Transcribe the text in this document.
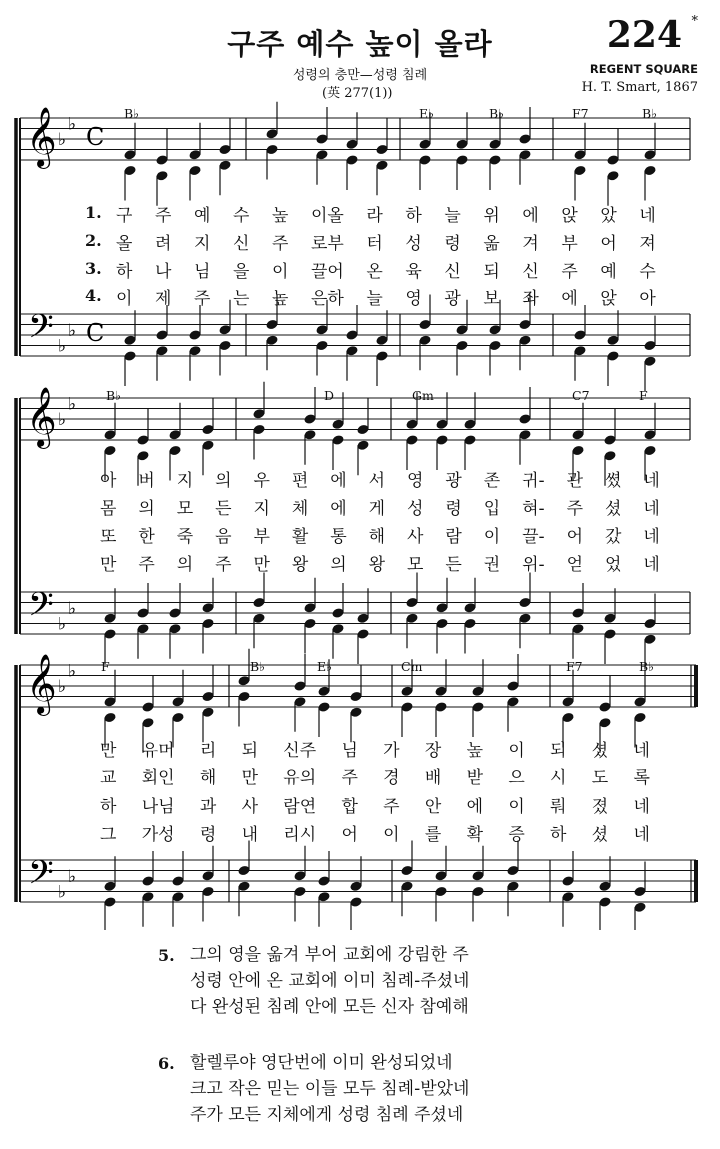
구주 예수 높이 올라
성령의 충만—성령 침례
(英 277(1))
224 *
REGENT SQUARE
H. T. Smart, 1867
𝄞
𝄢
♭
♭
♭
♭
C
C
𝄞
𝄢
♭
♭
♭
♭
𝄞
𝄢
♭
♭
♭
♭
B♭	E♭	B♭	F7	B♭
B♭	D	Gm	C7	F
F	B♭	E♭	Cm	F7	B♭
1. 구 주 예 수 높 이올 라 하 늘 위 에 앉 았 네
2. 올 려 지 신 주 로부 터 성 령 옮 겨 부 어 져
3. 하 나 님 을 이 끌어 온 육 신 되 신 주 예 수
4. 이 제 주 는 높 은하 늘 영 광 보 좌 에 앉 아
아 버 지 의 우 편 에 서 영 광 존 귀- 관 쎴 네
몸 의 모 든 지 체 에 게 성 령 입 혀- 주 셨 네
또 한 죽 음 부 활 통 해 사 람 이 끌- 어 갔 네
만 주 의 주 만 왕 의 왕 모 든 권 위- 얻 었 네
만 유머 리 되 신주 님 가 장 높 이 되 셨 네
교 회인 해 만 유의 주 경 배 받 으 시 도 록
하 나님 과 사 람연 합 주 안 에 이 뤄 졌 네
그 가성 령 내 리시 어 이 를 확 증 하 셨 네
5. 그의 영을 옮겨 부어 교회에 강림한 주
성령 안에 온 교회에 이미 침례-주셨네
다 완성된 침례 안에 모든 신자 참예해
6. 할렐루야 영단번에 이미 완성되었네
크고 작은 믿는 이들 모두 침례-받았네
주가 모든 지체에게 성령 침례 주셨네
